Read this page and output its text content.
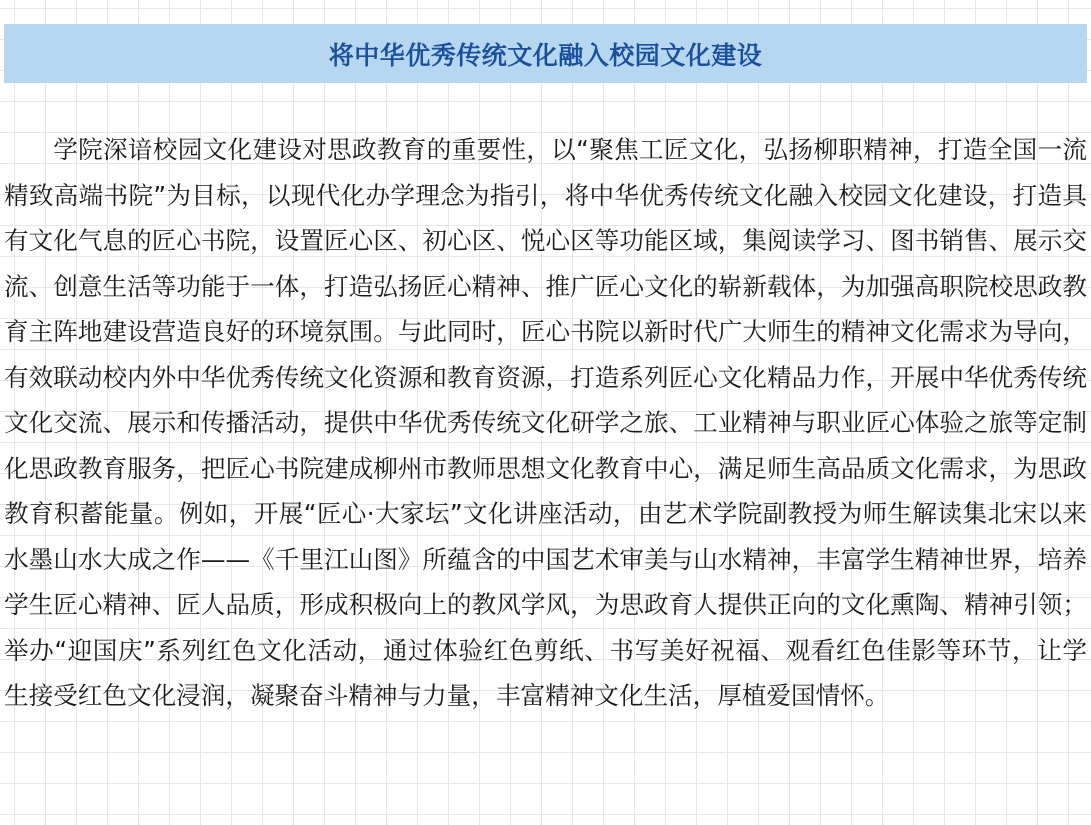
将中华优秀传统文化融入校园文化建设

学院深谙校园文化建设对思政教育的重要性，以“聚焦工匠文化，弘扬柳职精神，打造全国一流精致高端书院”为目标，以现代化办学理念为指引，将中华优秀传统文化融入校园文化建设，打造具有文化气息的匠心书院，设置匠心区、初心区、悦心区等功能区域，集阅读学习、图书销售、展示交流、创意生活等功能于一体，打造弘扬匠心精神、推广匠心文化的崭新载体，为加强高职院校思政教育主阵地建设营造良好的环境氛围。与此同时，匠心书院以新时代广大师生的精神文化需求为导向，有效联动校内外中华优秀传统文化资源和教育资源，打造系列匠心文化精品力作，开展中华优秀传统文化交流、展示和传播活动，提供中华优秀传统文化研学之旅、工业精神与职业匠心体验之旅等定制化思政教育服务，把匠心书院建成柳州市教师思想文化教育中心，满足师生高品质文化需求，为思政教育积蓄能量。例如，开展“匠心·大家坛”文化讲座活动，由艺术学院副教授为师生解读集北宋以来水墨山水大成之作——《千里江山图》所蕴含的中国艺术审美与山水精神，丰富学生精神世界，培养学生匠心精神、匠人品质，形成积极向上的教风学风，为思政育人提供正向的文化熏陶、精神引领；举办“迎国庆”系列红色文化活动，通过体验红色剪纸、书写美好祝福、观看红色佳影等环节，让学生接受红色文化浸润，凝聚奋斗精神与力量，丰富精神文化生活，厚植爱国情怀。
